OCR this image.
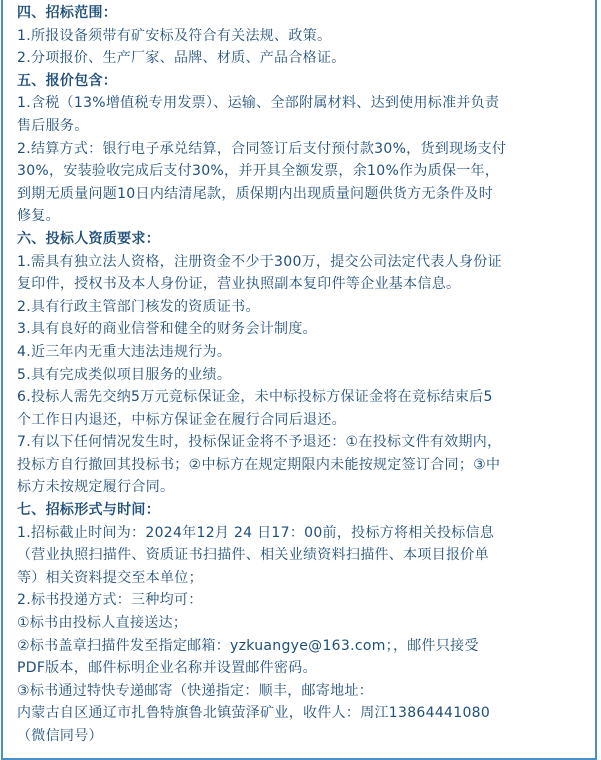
四、招标范围：
1.所报设备须带有矿安标及符合有关法规、政策。
2.分项报价、生产厂家、品牌、材质、产品合格证。
五、报价包含：
1.含税（13%增值税专用发票）、运输、全部附属材料、达到使用标准并负责
售后服务。
2.结算方式：银行电子承兑结算，合同签订后支付预付款30%，货到现场支付
30%，安装验收完成后支付30%，并开具全额发票，余10%作为质保一年，
到期无质量问题10日内结清尾款，质保期内出现质量问题供货方无条件及时
修复。
六、投标人资质要求：
1.需具有独立法人资格，注册资金不少于300万，提交公司法定代表人身份证
复印件，授权书及本人身份证，营业执照副本复印件等企业基本信息。
2.具有行政主管部门核发的资质证书。
3.具有良好的商业信誉和健全的财务会计制度。
4.近三年内无重大违法违规行为。
5.具有完成类似项目服务的业绩。
6.投标人需先交纳5万元竞标保证金，未中标投标方保证金将在竞标结束后5
个工作日内退还，中标方保证金在履行合同后退还。
7.有以下任何情况发生时，投标保证金将不予退还：①在投标文件有效期内，
投标方自行撤回其投标书；②中标方在规定期限内未能按规定签订合同；③中
标方未按规定履行合同。
七、招标形式与时间：
1.招标截止时间为：2024年12月 24 日17：00前，投标方将相关投标信息
（营业执照扫描件、资质证书扫描件、相关业绩资料扫描件、本项目报价单
等）相关资料提交至本单位；
2.标书投递方式：三种均可：
①标书由投标人直接送达；
②标书盖章扫描件发至指定邮箱：yzkuangye@163.com；，邮件只接受
PDF版本，邮件标明企业名称并设置邮件密码。
③标书通过特快专递邮寄（快递指定：顺丰，邮寄地址：
内蒙古自区通辽市扎鲁特旗鲁北镇萤泽矿业，收件人：周江13864441080
（微信同号）
